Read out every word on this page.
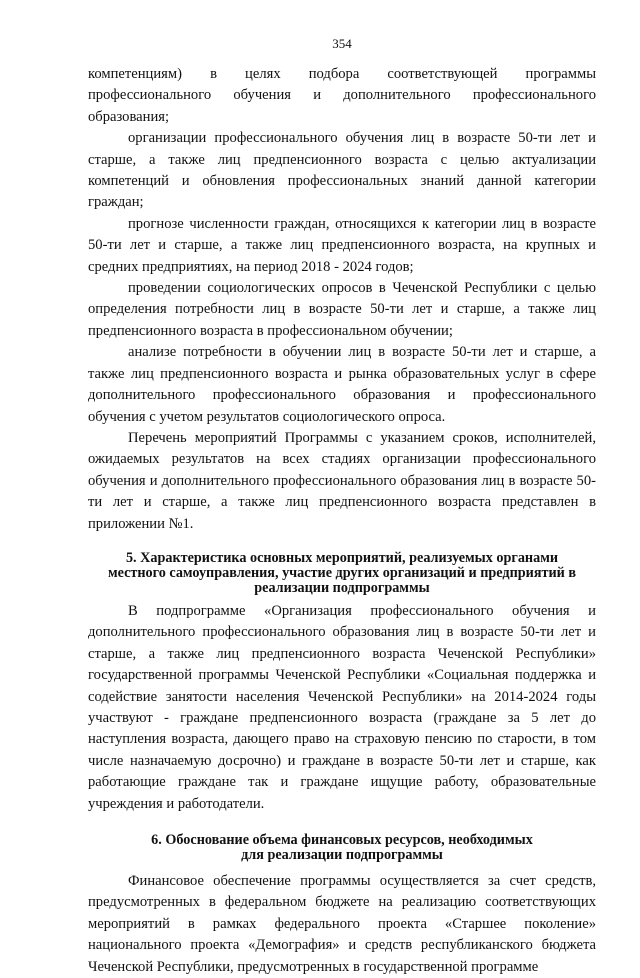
354

компетенциям) в целях подбора соответствующей программы профессионального обучения и дополнительного профессионального образования;

организации профессионального обучения лиц в возрасте 50-ти лет и старше, а также лиц предпенсионного возраста с целью актуализации компетенций и обновления профессиональных знаний данной категории граждан;

прогнозе численности граждан, относящихся к категории лиц в возрасте 50-ти лет и старше, а также лиц предпенсионного возраста, на крупных и средних предприятиях, на период 2018 - 2024 годов;

проведении социологических опросов в Чеченской Республики с целью определения потребности лиц в возрасте 50-ти лет и старше, а также лиц предпенсионного возраста в профессиональном обучении;

анализе потребности в обучении лиц в возрасте 50-ти лет и старше, а также лиц предпенсионного возраста и рынка образовательных услуг в сфере дополнительного профессионального образования и профессионального обучения с учетом результатов социологического опроса.

Перечень мероприятий Программы с указанием сроков, исполнителей, ожидаемых результатов на всех стадиях организации профессионального обучения и дополнительного профессионального образования лиц в возрасте 50-ти лет и старше, а также лиц предпенсионного возраста представлен в приложении №1.

5. Характеристика основных мероприятий, реализуемых органами
местного самоуправления, участие других организаций и предприятий в
реализации подпрограммы

В подпрограмме «Организация профессионального обучения и дополнительного профессионального образования лиц в возрасте 50-ти лет и старше, а также лиц предпенсионного возраста Чеченской Республики» государственной программы Чеченской Республики «Социальная поддержка и содействие занятости населения Чеченской Республики» на 2014-2024 годы участвуют - граждане предпенсионного возраста (граждане за 5 лет до наступления возраста, дающего право на страховую пенсию по старости, в том числе назначаемую досрочно) и граждане в возрасте 50-ти лет и старше, как работающие граждане так и граждане ищущие работу, образовательные учреждения и работодатели.

6. Обоснование объема финансовых ресурсов, необходимых
для реализации подпрограммы

Финансовое обеспечение программы осуществляется за счет средств, предусмотренных в федеральном бюджете на реализацию соответствующих мероприятий в рамках федерального проекта «Старшее поколение» национального проекта «Демография» и средств республиканского бюджета Чеченской Республики, предусмотренных в государственной программе
